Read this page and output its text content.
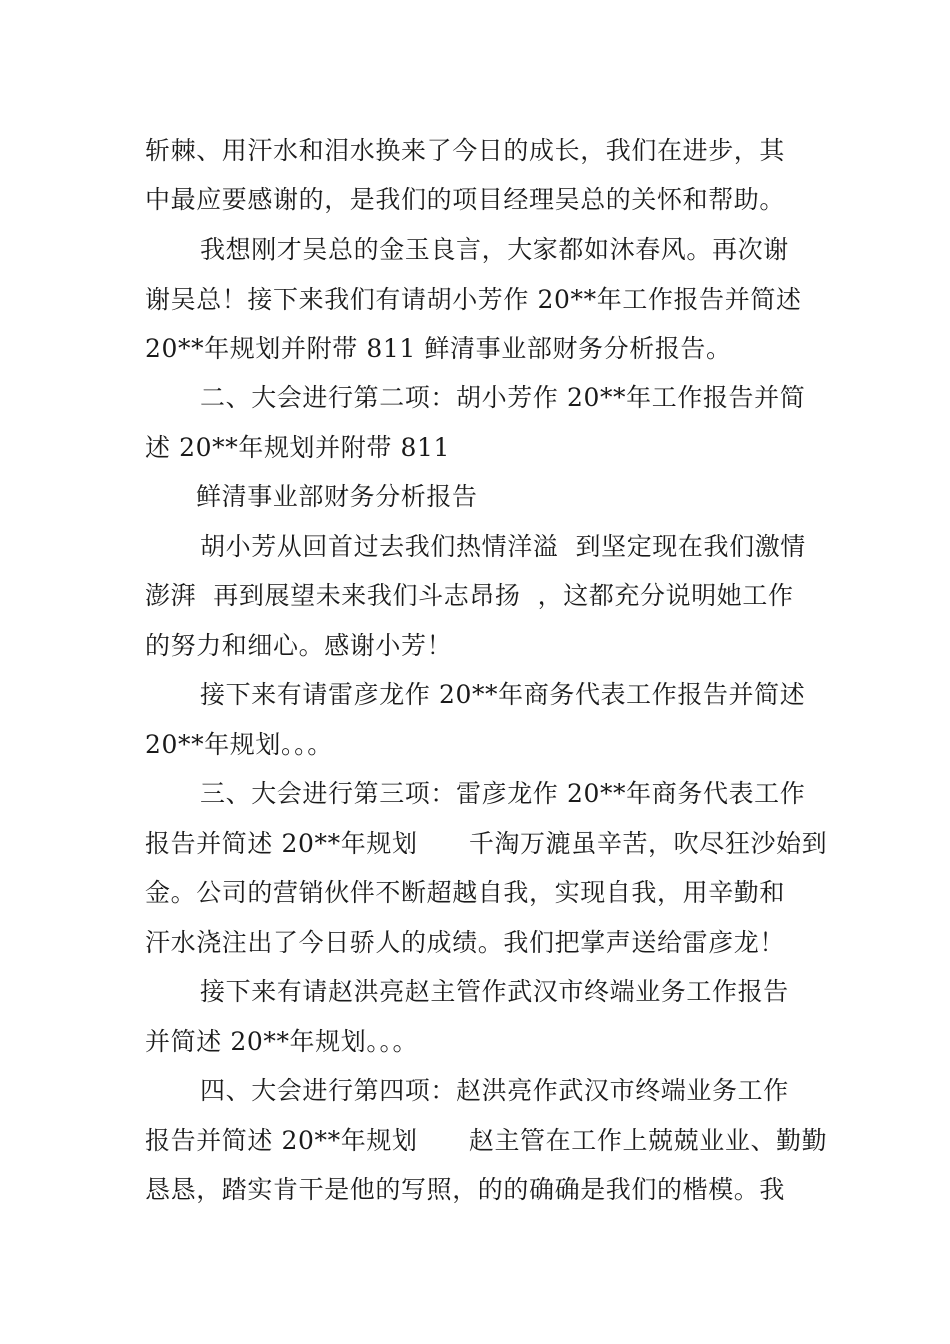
斩棘、用汗水和泪水换来了今日的成长，我们在进步，其
中最应要感谢的，是我们的项目经理吴总的关怀和帮助。
我想刚才吴总的金玉良言，大家都如沐春风。再次谢
谢吴总！接下来我们有请胡小芳作 20**年工作报告并简述
20**年规划并附带 811 鲜清事业部财务分析报告。
二、大会进行第二项：胡小芳作 20**年工作报告并简
述 20**年规划并附带 811
鲜清事业部财务分析报告
胡小芳从回首过去我们热情洋溢  到坚定现在我们激情
澎湃  再到展望未来我们斗志昂扬  ，这都充分说明她工作
的努力和细心。感谢小芳！
接下来有请雷彦龙作 20**年商务代表工作报告并简述
20**年规划。。。
三、大会进行第三项：雷彦龙作 20**年商务代表工作
报告并简述 20**年规划      千淘万漉虽辛苦，吹尽狂沙始到
金。公司的营销伙伴不断超越自我，实现自我，用辛勤和
汗水浇注出了今日骄人的成绩。我们把掌声送给雷彦龙！
接下来有请赵洪亮赵主管作武汉市终端业务工作报告
并简述 20**年规划。。。
四、大会进行第四项：赵洪亮作武汉市终端业务工作
报告并简述 20**年规划      赵主管在工作上兢兢业业、勤勤
恳恳，踏实肯干是他的写照，的的确确是我们的楷模。我
